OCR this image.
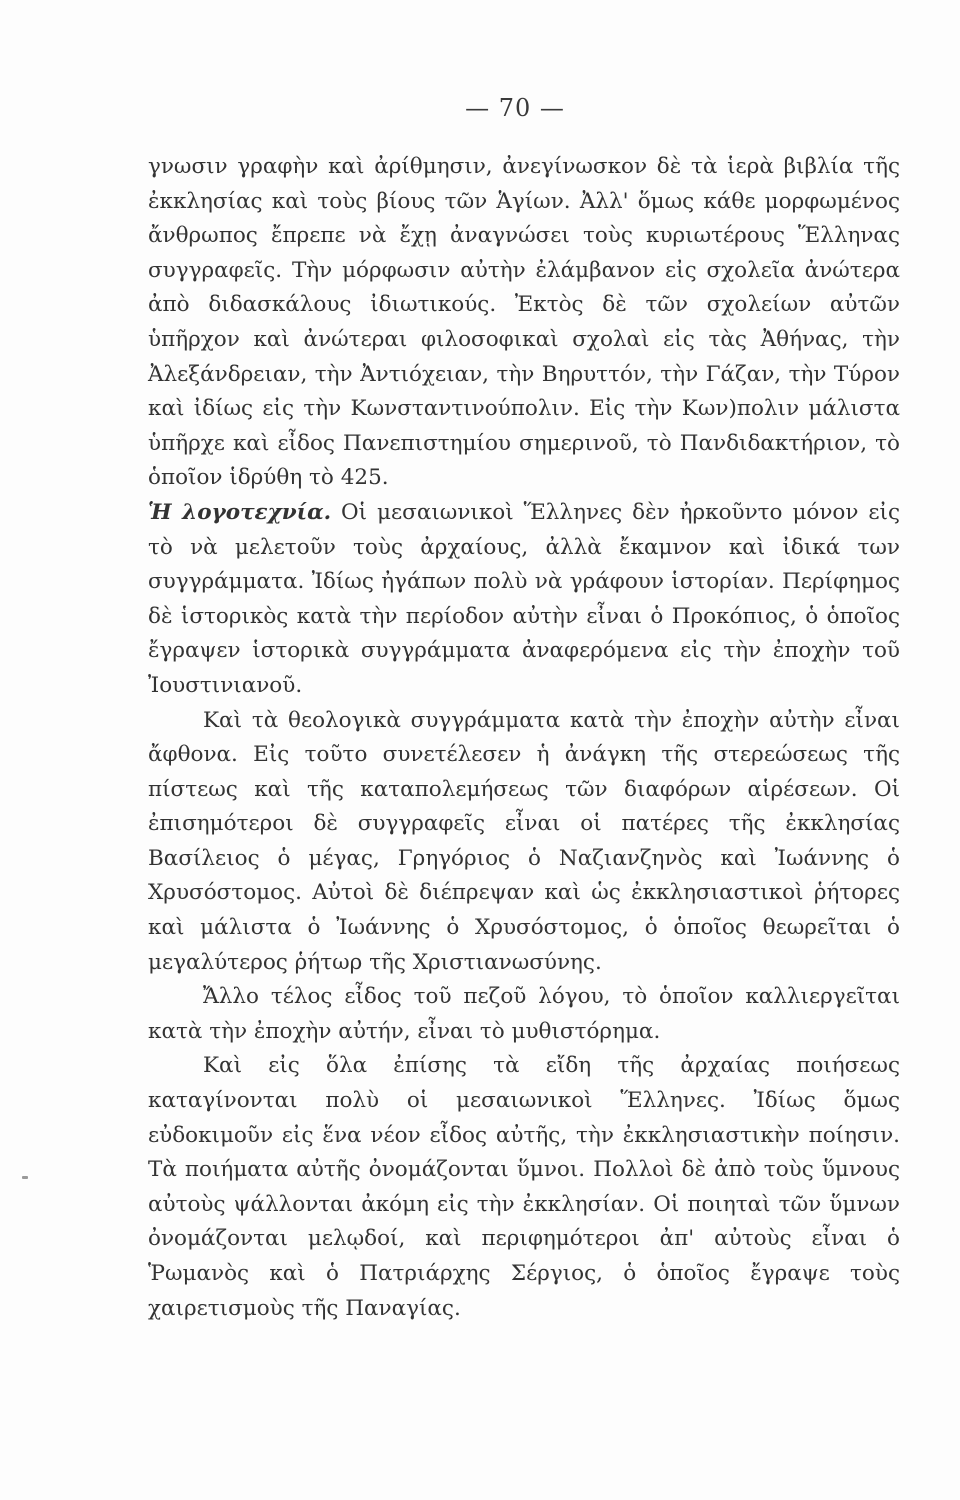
— 70 —

γνωσιν γραφὴν καὶ ἀρίθμησιν, ἀνεγίνωσκον δὲ τὰ ἱερὰ βιβλία τῆς ἐκκλησίας καὶ τοὺς βίους τῶν Ἁγίων. Ἀλλ' ὅμως κάθε μορφωμένος ἄνθρωπος ἔπρεπε νὰ ἔχῃ ἀναγνώσει τοὺς κυριωτέρους Ἕλληνας συγγραφεῖς. Τὴν μόρφωσιν αὐτὴν ἐλάμβανον εἰς σχολεῖα ἀνώτερα ἀπὸ διδασκάλους ἰδιωτικούς. Ἐκτὸς δὲ τῶν σχολείων αὐτῶν ὑπῆρχον καὶ ἀνώτεραι φιλοσοφικαὶ σχολαὶ εἰς τὰς Ἀθήνας, τὴν Ἀλεξάνδρειαν, τὴν Ἀντιόχειαν, τὴν Βηρυττόν, τὴν Γάζαν, τὴν Τύρον καὶ ἰδίως εἰς τὴν Κωνσταντινούπολιν. Εἰς τὴν Κων)πολιν μάλιστα ὑπῆρχε καὶ εἶδος Πανεπιστημίου σημερινοῦ, τὸ Πανδιδακτήριον, τὸ ὁποῖον ἱδρύθη τὸ 425.

Ἡ λογοτεχνία. Οἱ μεσαιωνικοὶ Ἕλληνες δὲν ἠρκοῦντο μόνον εἰς τὸ νὰ μελετοῦν τοὺς ἀρχαίους, ἀλλὰ ἔκαμνον καὶ ἰδικά των συγγράμματα. Ἰδίως ἠγάπων πολὺ νὰ γράφουν ἱστορίαν. Περίφημος δὲ ἱστορικὸς κατὰ τὴν περίοδον αὐτὴν εἶναι ὁ Προκόπιος, ὁ ὁποῖος ἔγραψεν ἱστορικὰ συγγράμματα ἀναφερόμενα εἰς τὴν ἐποχὴν τοῦ Ἰουστινιανοῦ.

Καὶ τὰ θεολογικὰ συγγράμματα κατὰ τὴν ἐποχὴν αὐτὴν εἶναι ἄφθονα. Εἰς τοῦτο συνετέλεσεν ἡ ἀνάγκη τῆς στερεώσεως τῆς πίστεως καὶ τῆς καταπολεμήσεως τῶν διαφόρων αἱρέσεων. Οἱ ἐπισημότεροι δὲ συγγραφεῖς εἶναι οἱ πατέρες τῆς ἐκκλησίας Βασίλειος ὁ μέγας, Γρηγόριος ὁ Ναζιανζηνὸς καὶ Ἰωάννης ὁ Χρυσόστομος. Αὐτοὶ δὲ διέπρεψαν καὶ ὡς ἐκκλησιαστικοὶ ῥήτορες καὶ μάλιστα ὁ Ἰωάννης ὁ Χρυσόστομος, ὁ ὁποῖος θεωρεῖται ὁ μεγαλύτερος ῥήτωρ τῆς Χριστιανωσύνης.

Ἄλλο τέλος εἶδος τοῦ πεζοῦ λόγου, τὸ ὁποῖον καλλιεργεῖται κατὰ τὴν ἐποχὴν αὐτήν, εἶναι τὸ μυθιστόρημα.

Καὶ εἰς ὅλα ἐπίσης τὰ εἴδη τῆς ἀρχαίας ποιήσεως καταγίνονται πολὺ οἱ μεσαιωνικοὶ Ἕλληνες. Ἰδίως ὅμως εὐδοκιμοῦν εἰς ἕνα νέον εἶδος αὐτῆς, τὴν ἐκκλησιαστικὴν ποίησιν. Τὰ ποιήματα αὐτῆς ὀνομάζονται ὕμνοι. Πολλοὶ δὲ ἀπὸ τοὺς ὕμνους αὐτοὺς ψάλλονται ἀκόμη εἰς τὴν ἐκκλησίαν. Οἱ ποιηταὶ τῶν ὕμνων ὀνομάζονται μελῳδοί, καὶ περιφημότεροι ἀπ' αὐτοὺς εἶναι ὁ Ῥωμανὸς καὶ ὁ Πατριάρχης Σέργιος, ὁ ὁποῖος ἔγραψε τοὺς χαιρετισμοὺς τῆς Παναγίας.
